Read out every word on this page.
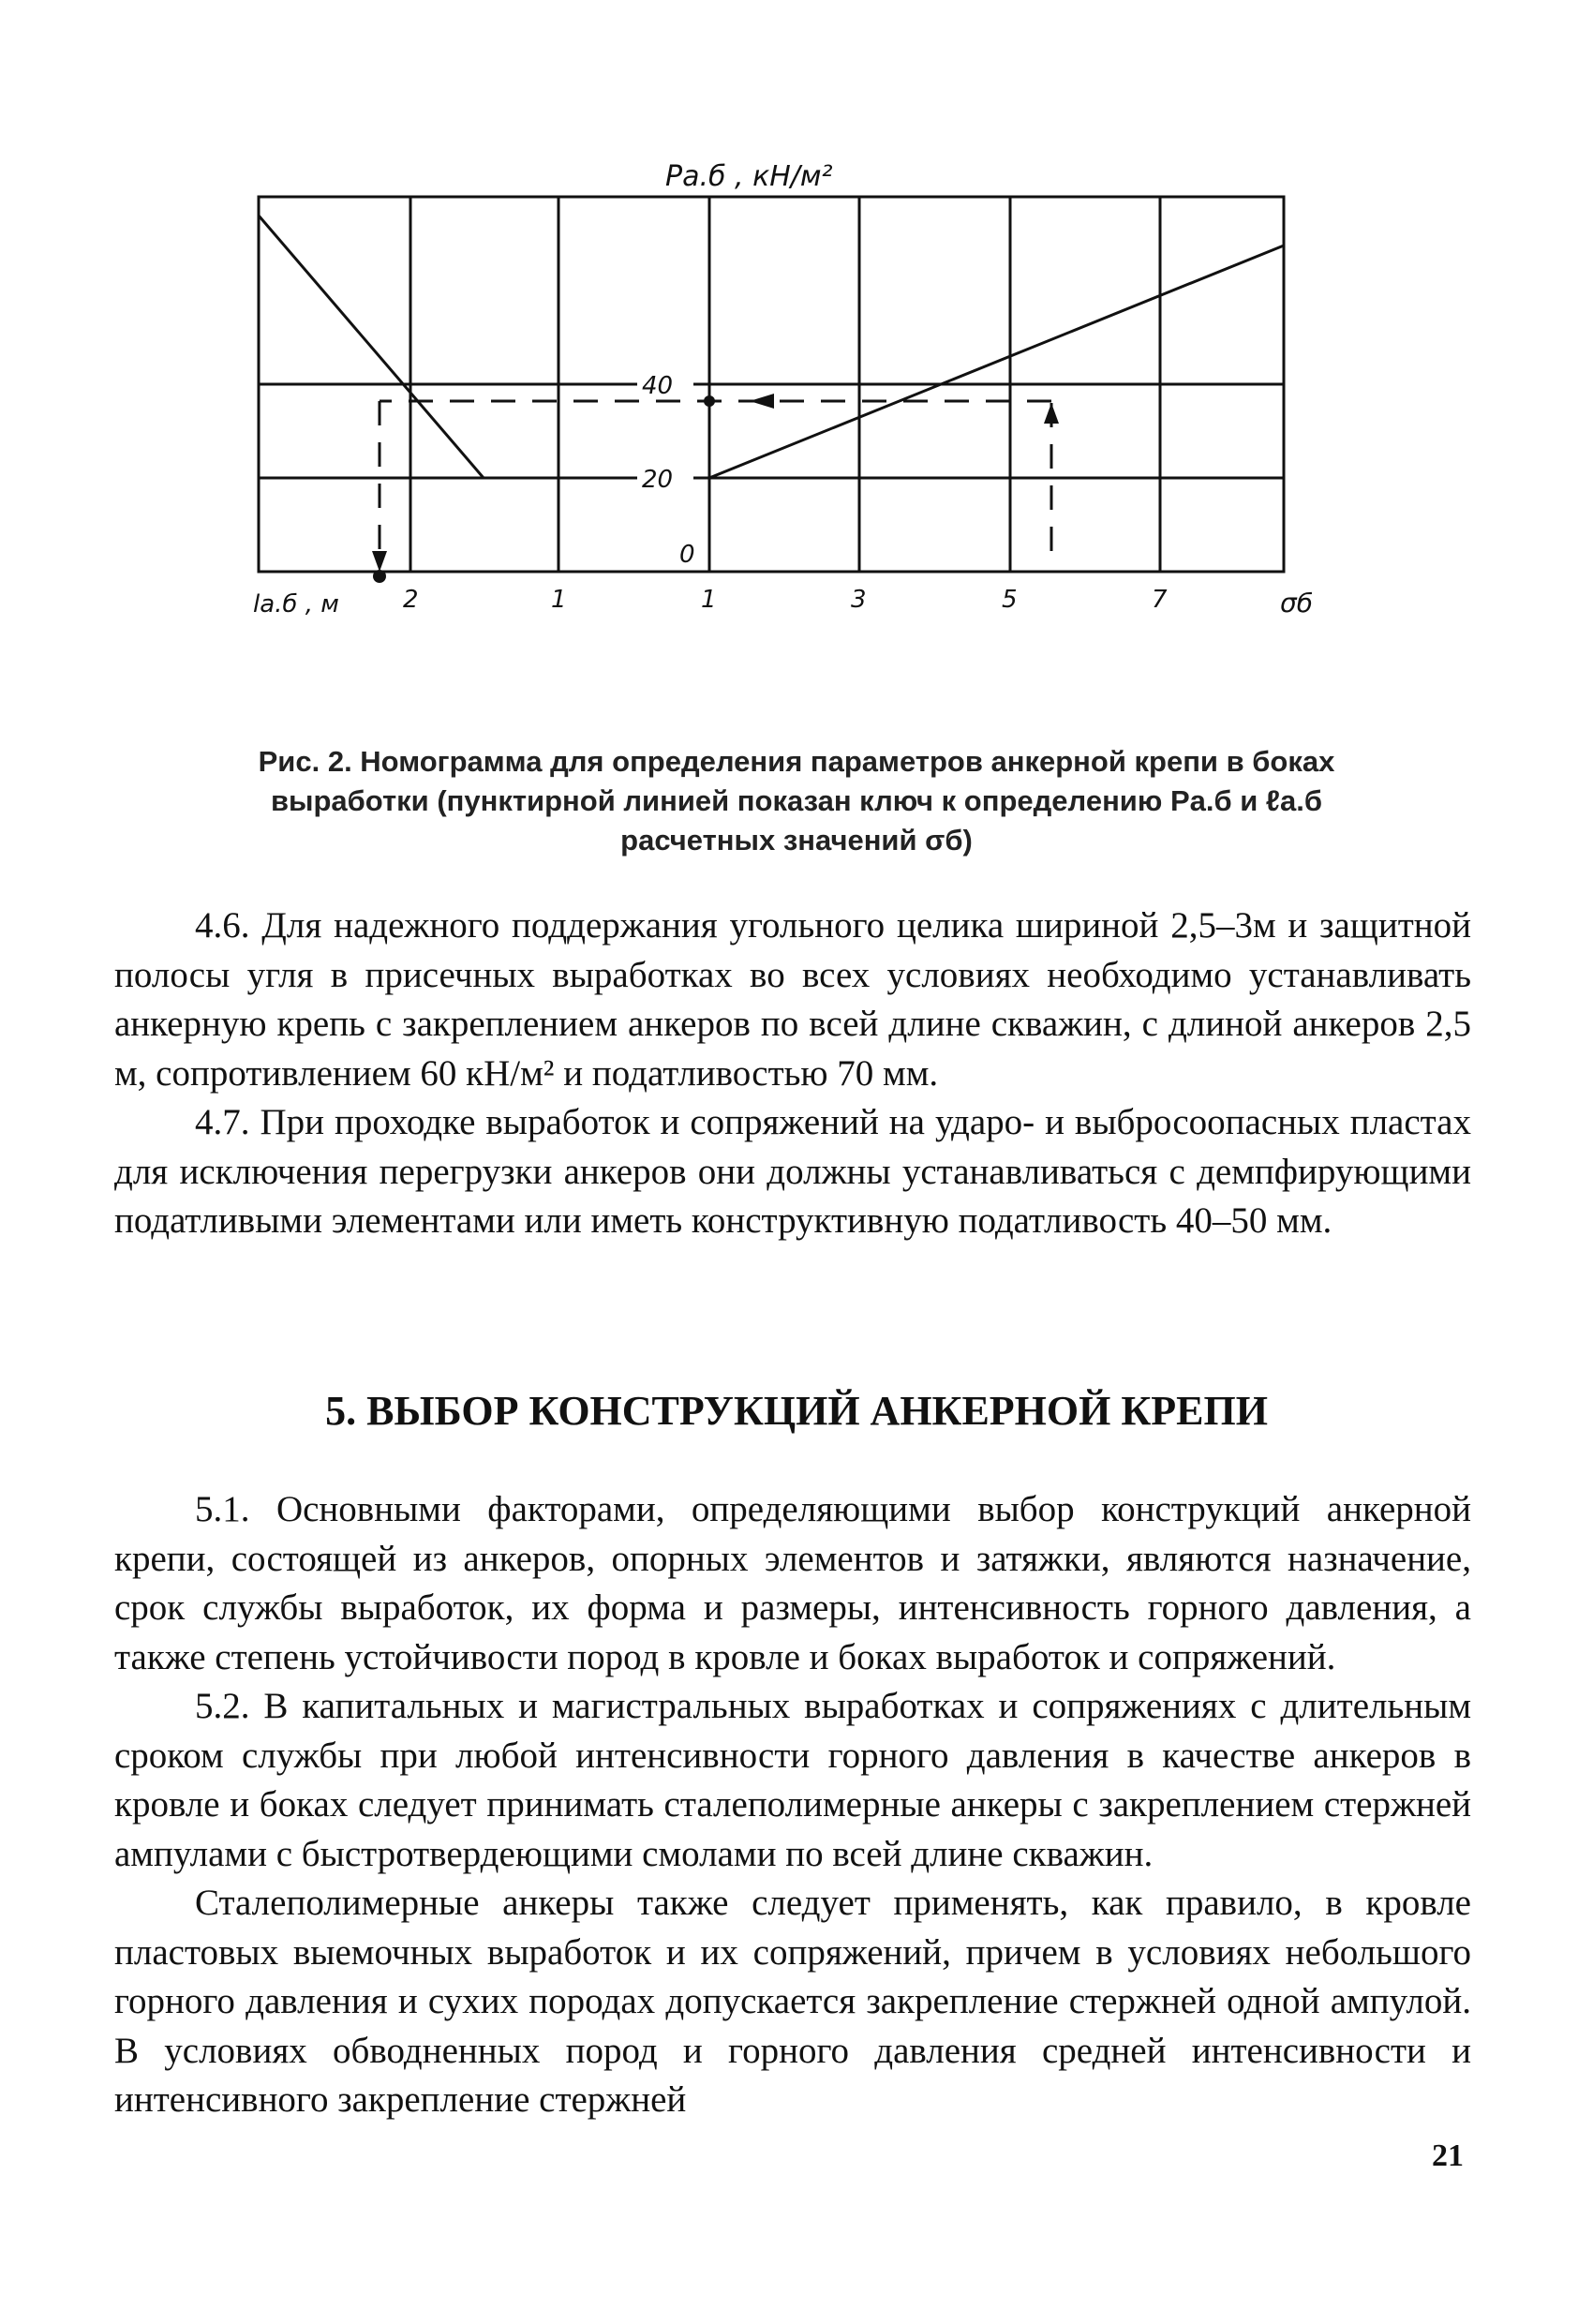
Pa.б , кН/м²
40
20
0
la.б , м	2	1	1	3	5	7	σб
Рис. 2. Номограмма для определения параметров анкерной крепи в боках выработки (пунктирной линией показан ключ к определению Pа.б и ℓа.б расчетных значений σб)

4.6. Для надежного поддержания угольного целика шириной 2,5–3м и защитной полосы угля в присечных выработках во всех условиях необходимо устанавливать анкерную крепь с закреплением анкеров по всей длине скважин, с длиной анкеров 2,5 м, сопротивлением 60 кН/м² и податливостью 70 мм.

4.7. При проходке выработок и сопряжений на ударо- и выбросоопасных пластах для исключения перегрузки анкеров они должны устанавливаться с демпфирующими податливыми элементами или иметь конструктивную податливость 40–50 мм.

5. ВЫБОР КОНСТРУКЦИЙ АНКЕРНОЙ КРЕПИ

5.1. Основными факторами, определяющими выбор конструкций анкерной крепи, состоящей из анкеров, опорных элементов и затяжки, являются назначение, срок службы выработок, их форма и размеры, интенсивность горного давления, а также степень устойчивости пород в кровле и боках выработок и сопряжений.

5.2. В капитальных и магистральных выработках и сопряжениях с длительным сроком службы при любой интенсивности горного давления в качестве анкеров в кровле и боках следует принимать сталеполимерные анкеры с закреплением стержней ампулами с быстротвердеющими смолами по всей длине скважин.

Сталеполимерные анкеры также следует применять, как правило, в кровле пластовых выемочных выработок и их сопряжений, причем в условиях небольшого горного давления и сухих породах допускается закрепление стержней одной ампулой. В условиях обводненных пород и горного давления средней интенсивности и интенсивного закрепление стержней

21
